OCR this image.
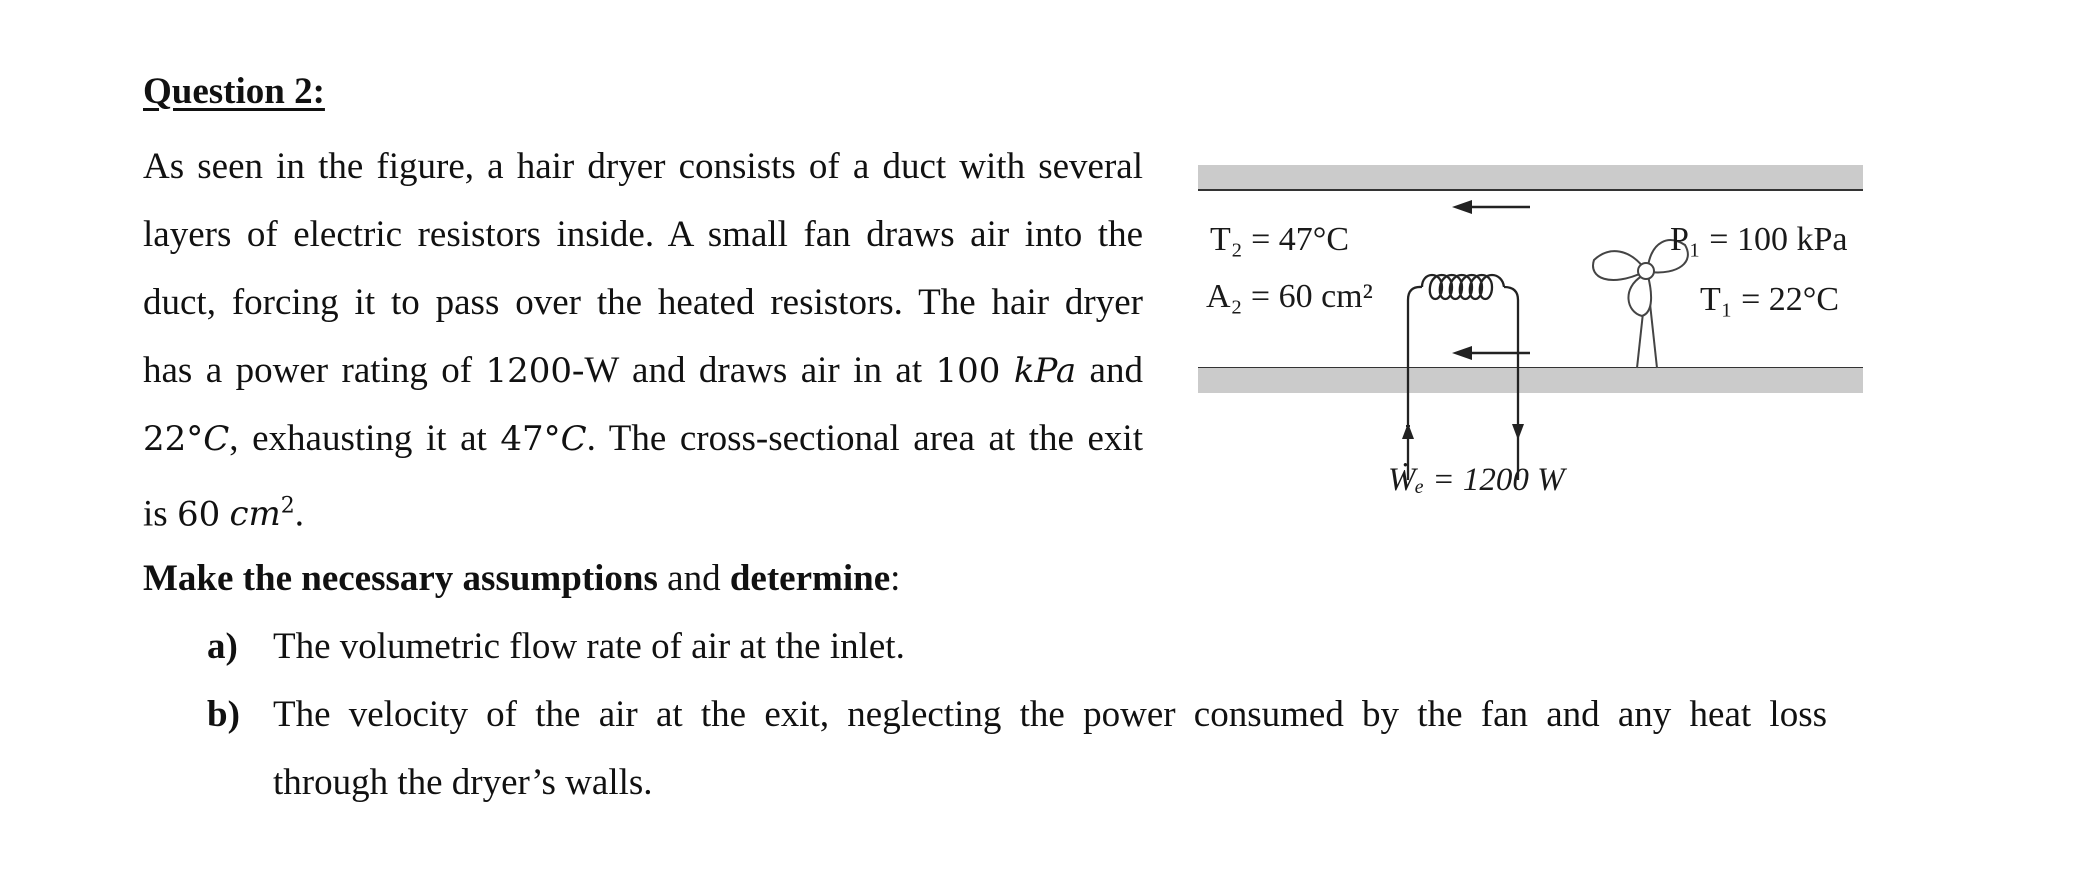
Question 2:
As seen in the figure, a hair dryer consists of a duct with several
layers of electric resistors inside. A small fan draws air into the
duct, forcing it to pass over the heated resistors. The hair dryer
has a power rating of 1200-W and draws air in at 100 kPa and
22°C, exhausting it at 47°C. The cross-sectional area at the exit
is 60 $cm^2$.
Make the necessary assumptions and determine:
a) The volumetric flow rate of air at the inlet.
b) The velocity of the air at the exit, neglecting the power consumed by the fan and any heat loss
through the dryer’s walls.
T₂ = 47°C
A₂ = 60 cm²
P₁ = 100 kPa
T₁ = 22°C
Ẇₑ = 1200 W
